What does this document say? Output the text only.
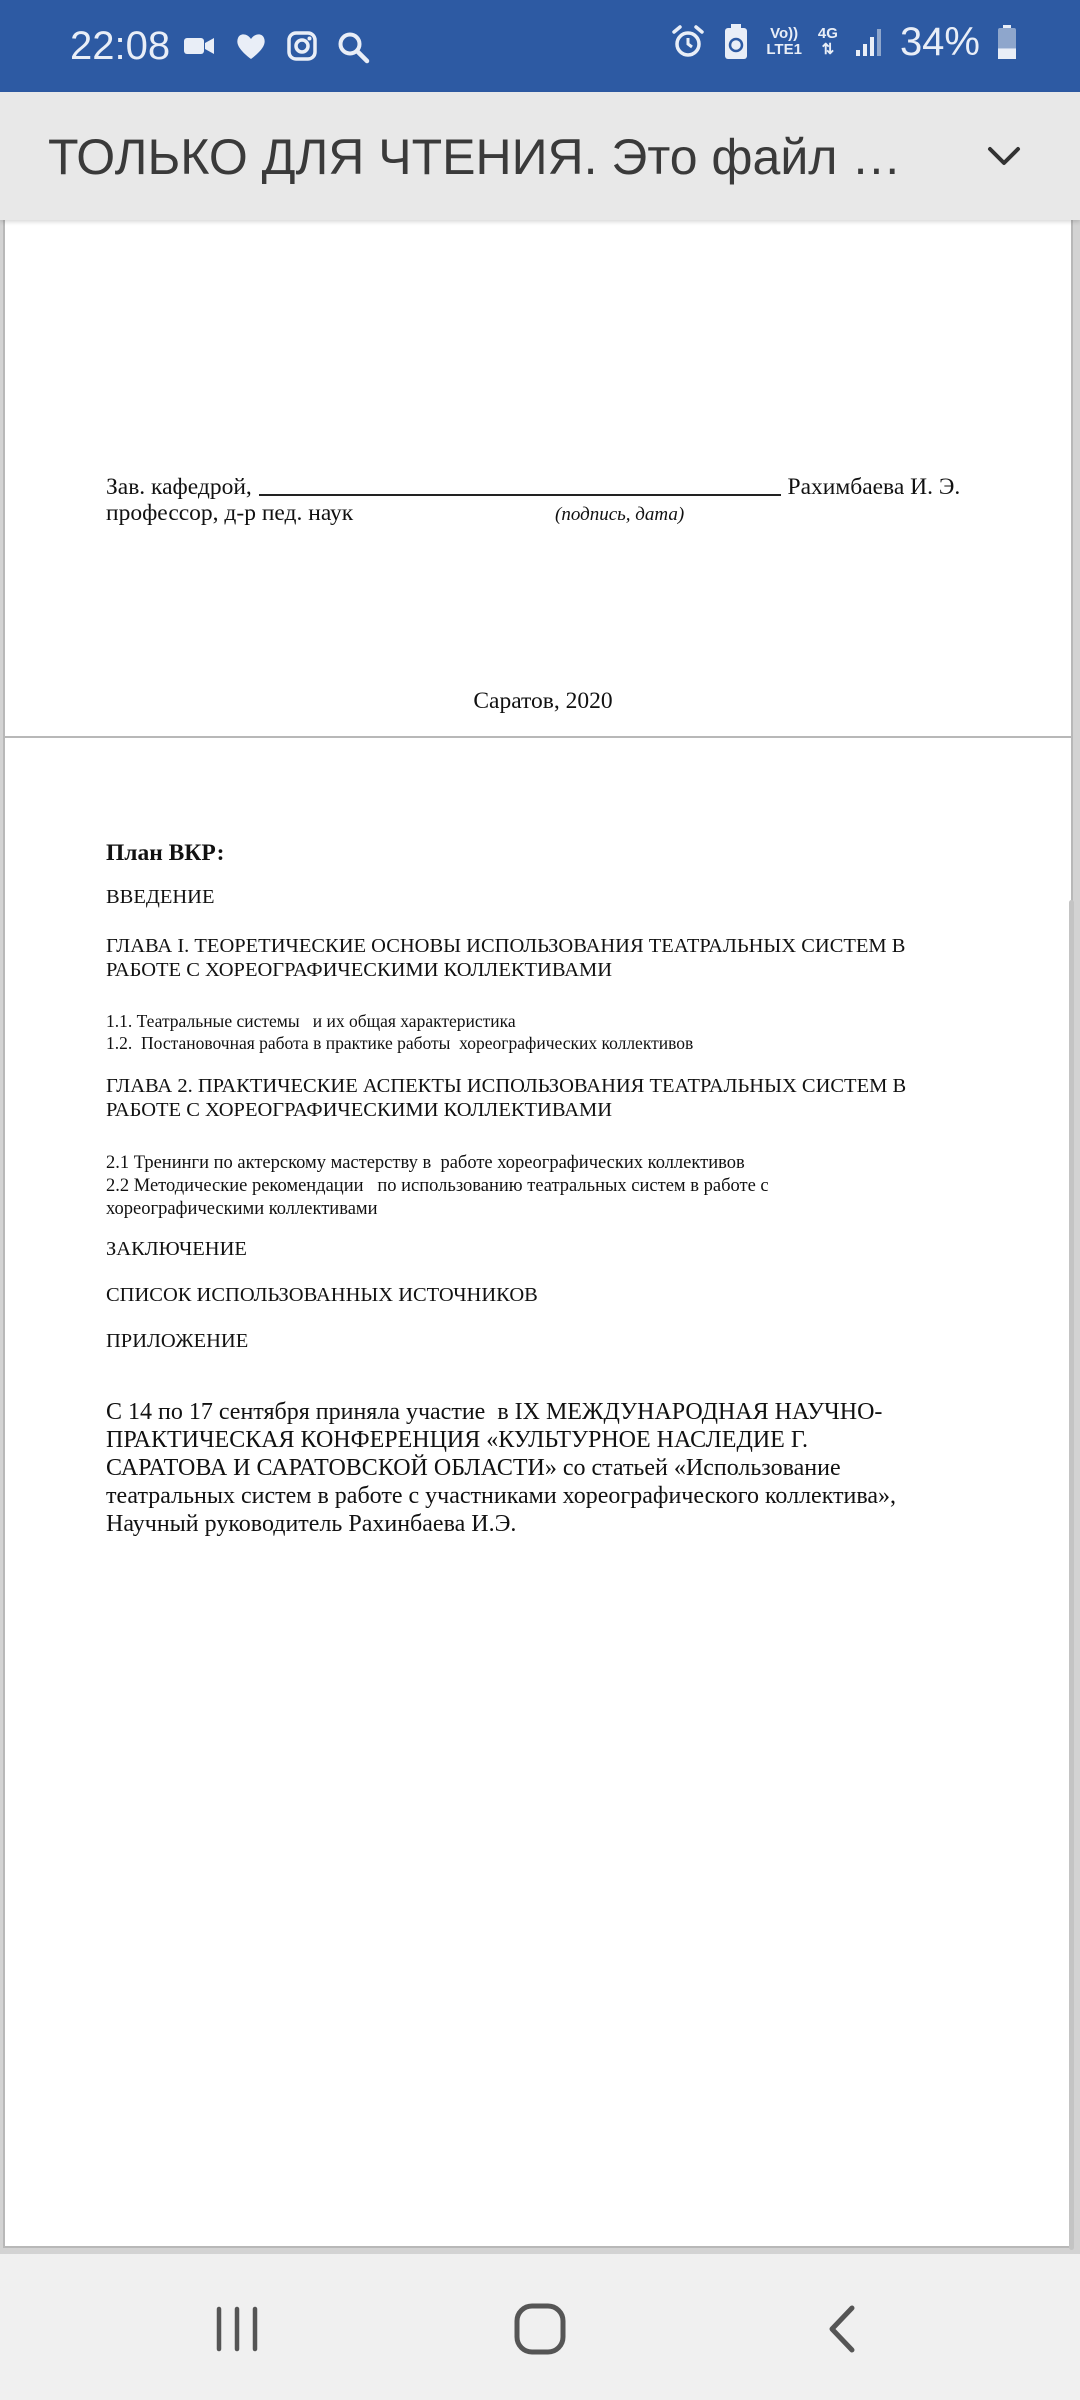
22:08	Vo))
LTE1
4G
⇅ 34%
ТОЛЬКО ДЛЯ ЧТЕНИЯ. Это файл …
Зав. кафедрой,	Рахимбаева И. Э.
профессор, д-р пед. наук	(подпись, дата)
Саратов, 2020
План ВКР:
ВВЕДЕНИЕ
ГЛАВА I. ТЕОРЕТИЧЕСКИЕ ОСНОВЫ ИСПОЛЬЗОВАНИЯ ТЕАТРАЛЬНЫХ СИСТЕМ В
РАБОТЕ С ХОРЕОГРАФИЧЕСКИМИ КОЛЛЕКТИВАМИ
1.1. Театральные системы   и их общая характеристика
1.2.  Постановочная работа в практике работы  хореографических коллективов
ГЛАВА 2. ПРАКТИЧЕСКИЕ АСПЕКТЫ ИСПОЛЬЗОВАНИЯ ТЕАТРАЛЬНЫХ СИСТЕМ В
РАБОТЕ С ХОРЕОГРАФИЧЕСКИМИ КОЛЛЕКТИВАМИ
2.1 Тренинги по актерскому мастерству в  работе хореографических коллективов
2.2 Методические рекомендации   по использованию театральных систем в работе с
хореографическими коллективами
ЗАКЛЮЧЕНИЕ
СПИСОК ИСПОЛЬЗОВАННЫХ ИСТОЧНИКОВ
ПРИЛОЖЕНИЕ
С 14 по 17 сентября приняла участие  в IX МЕЖДУНАРОДНАЯ НАУЧНО-
ПРАКТИЧЕСКАЯ КОНФЕРЕНЦИЯ «КУЛЬТУРНОЕ НАСЛЕДИЕ Г.
САРАТОВА И САРАТОВСКОЙ ОБЛАСТИ» со статьей «Использование
театральных систем в работе с участниками хореографического коллектива»,
Научный руководитель Рахинбаева И.Э.
